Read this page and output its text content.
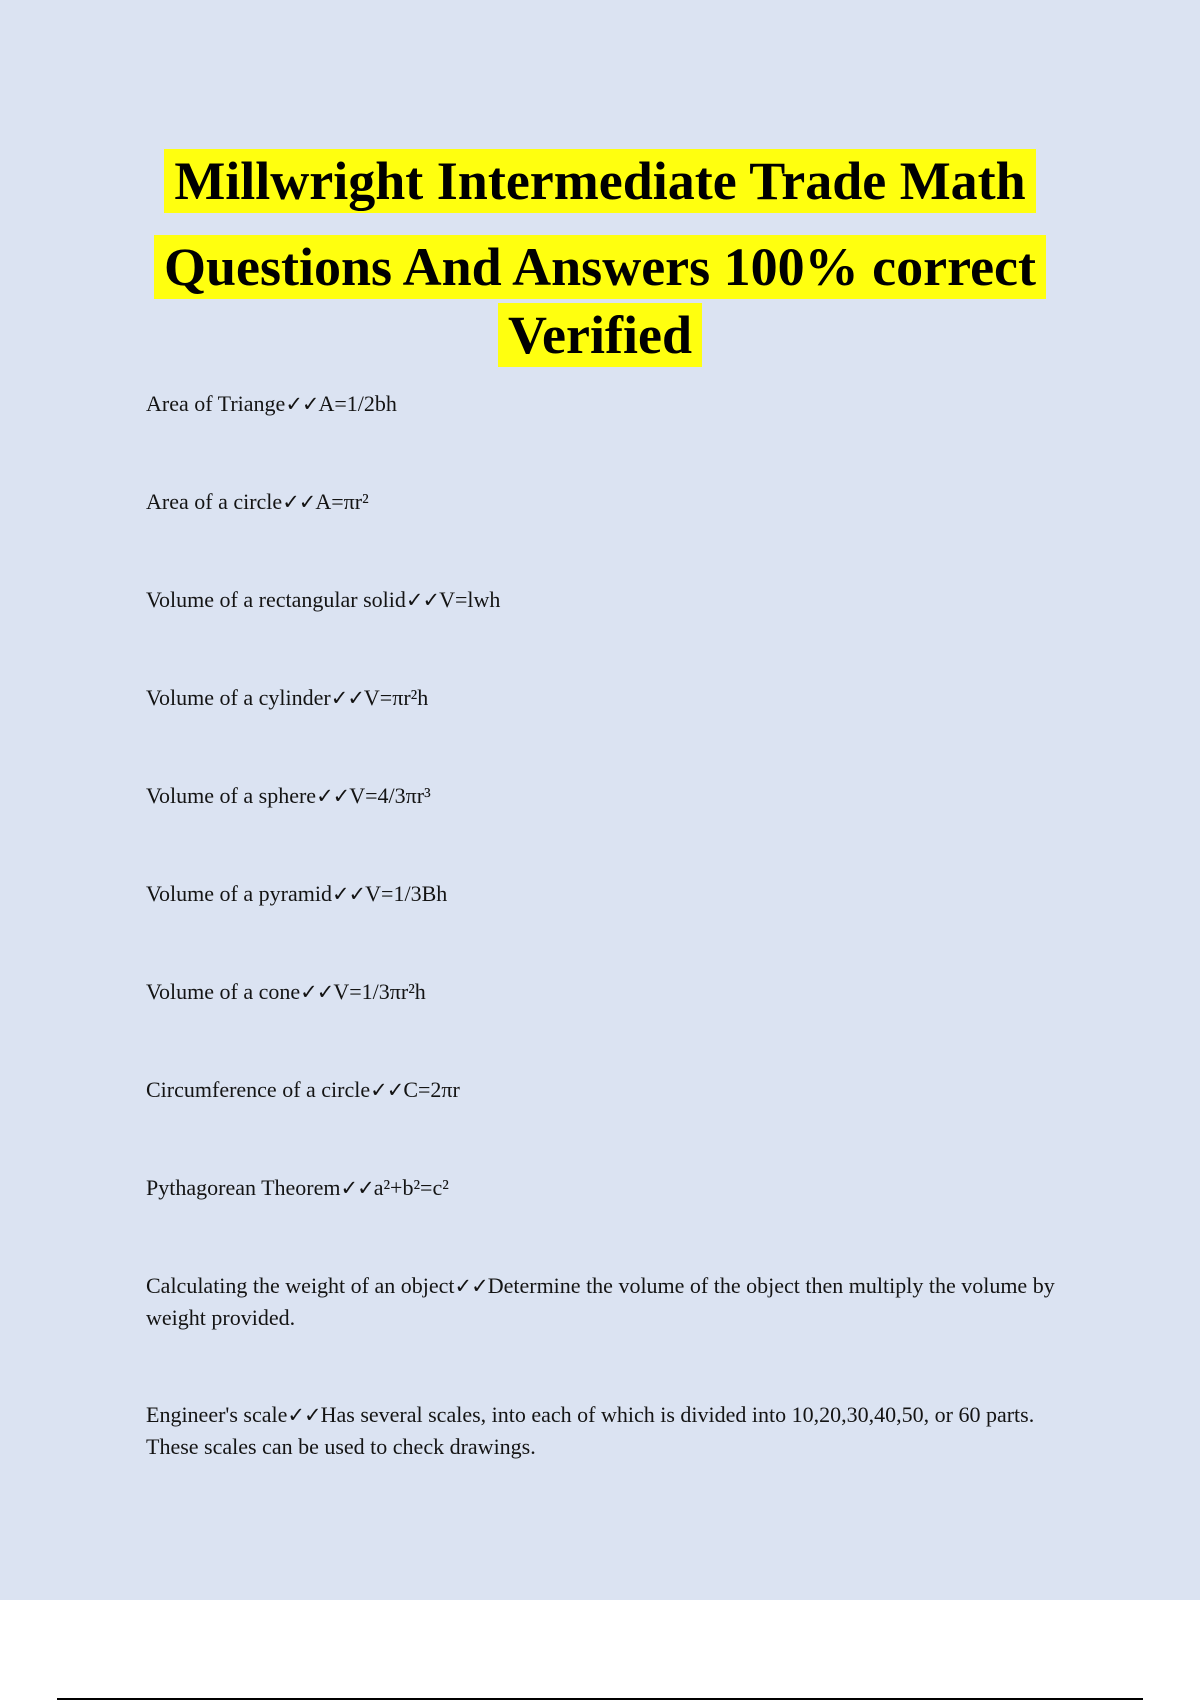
Millwright Intermediate Trade Math
Questions And Answers 100% correct
Verified

Area of Triange✓✓A=1/2bh

Area of a circle✓✓A=πr²

Volume of a rectangular solid✓✓V=lwh

Volume of a cylinder✓✓V=πr²h

Volume of a sphere✓✓V=4/3πr³

Volume of a pyramid✓✓V=1/3Bh

Volume of a cone✓✓V=1/3πr²h

Circumference of a circle✓✓C=2πr

Pythagorean Theorem✓✓a²+b²=c²

Calculating the weight of an object✓✓Determine the volume of the object then multiply the volume by weight provided.

Engineer's scale✓✓Has several scales, into each of which is divided into 10,20,30,40,50, or 60 parts. These scales can be used to check drawings.
